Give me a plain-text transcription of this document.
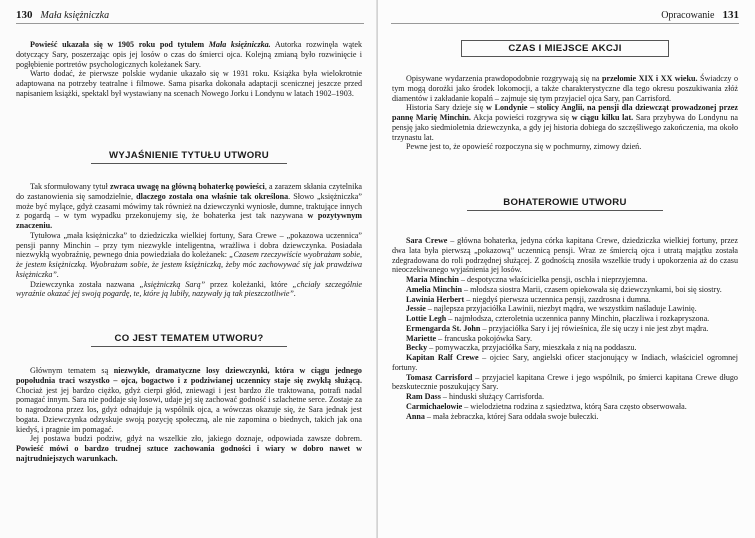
130 Mała księżniczka

Powieść ukazała się w 1905 roku pod tytułem Mała księżniczka. Autorka rozwinęła wątek dotyczący Sary, poszerzając opis jej losów o czas do śmierci ojca. Kolejną zmianą było rozwinięcie i pogłębienie portretów psychologicznych koleżanek Sary.

Warto dodać, że pierwsze polskie wydanie ukazało się w 1931 roku. Książka była wielokrotnie adaptowana na potrzeby teatralne i filmowe. Sama pisarka dokonała adaptacji scenicznej jeszcze przed napisaniem książki, spektakl był wystawiany na scenach Nowego Jorku i Londynu w latach 1902–1903.

WYJAŚNIENIE TYTUŁU UTWORU

Tak sformułowany tytuł zwraca uwagę na główną bohaterkę powieści, a zarazem skłania czytelnika do zastanowienia się samodzielnie, dlaczego została ona właśnie tak określona. Słowo „księżniczka” może być mylące, gdyż czasami mówimy tak również na dziewczynki wyniosłe, dumne, traktujące innych z pogardą – w tym wypadku przekonujemy się, że bohaterka jest tak nazywana w pozytywnym znaczeniu.

Tytułowa „mała księżniczka” to dziedziczka wielkiej fortuny, Sara Crewe – „pokazowa uczennica” pensji panny Minchin – przy tym niezwykle inteligentna, wrażliwa i dobra dziewczynka. Posiadała niezwykłą wyobraźnię, pewnego dnia powiedziała do koleżanek: „Czasem rzeczywiście wyobrażam sobie, że jestem księżniczką. Wyobrażam sobie, że jestem księżniczką, żeby móc zachowywać się jak prawdziwa księżniczka”.

Dziewczynka została nazwana „księżniczką Sarą” przez koleżanki, które „chciały szczególnie wyraźnie okazać jej swoją pogardę, te, które ją lubiły, nazywały ją tak pieszczotliwie”.

CO JEST TEMATEM UTWORU?

Głównym tematem są niezwykłe, dramatyczne losy dziewczynki, która w ciągu jednego popołudnia traci wszystko – ojca, bogactwo i z podziwianej uczennicy staje się zwykłą służącą. Chociaż jest jej bardzo ciężko, gdyż cierpi głód, zniewagi i jest bardzo źle traktowana, potrafi nadal pomagać innym. Sara nie poddaje się losowi, udaje jej się zachować godność i szlachetne serce. Zostaje za to nagrodzona przez los, gdyż odnajduje ją wspólnik ojca, a wówczas okazuje się, że Sara jednak jest bogata. Dziewczynka odzyskuje swoją pozycję społeczną, ale nie zapomina o biednych, takich jak ona kiedyś, i pragnie im pomagać.

Jej postawa budzi podziw, gdyż na wszelkie zło, jakiego doznaje, odpowiada zawsze dobrem. Powieść mówi o bardzo trudnej sztuce zachowania godności i wiary w dobro nawet w najtrudniejszych warunkach.

Opracowanie 131
CZAS I MIEJSCE AKCJI

Opisywane wydarzenia prawdopodobnie rozgrywają się na przełomie XIX i XX wieku. Świadczy o tym mogą dorożki jako środek lokomocji, a także charakterystyczne dla tego okresu poszukiwania złóż diamentów i zakładanie kopalń – zajmuje się tym przyjaciel ojca Sary, pan Carrisford.

Historia Sary dzieje się w Londynie – stolicy Anglii, na pensji dla dziewcząt prowadzonej przez pannę Marię Minchin. Akcja powieści rozgrywa się w ciągu kilku lat. Sara przybywa do Londynu na pensję jako siedmioletnia dziewczynka, a gdy jej historia dobiega do szczęśliwego zakończenia, ma około trzynastu lat.

Pewne jest to, że opowieść rozpoczyna się w pochmurny, zimowy dzień.

BOHATEROWIE UTWORU

Sara Crewe – główna bohaterka, jedyna córka kapitana Crewe, dziedziczka wielkiej fortuny, przez dwa lata była pierwszą „pokazową” uczennicą pensji. Wraz ze śmiercią ojca i utratą majątku została zdegradowana do roli podrzędnej służącej. Z godnością znosiła wszelkie trudy i upokorzenia aż do czasu nieoczekiwanego wyjaśnienia jej losów.

Maria Minchin – despotyczna właścicielka pensji, oschła i nieprzyjemna.

Amelia Minchin – młodsza siostra Marii, czasem opiekowała się dziewczynkami, boi się siostry.

Lawinia Herbert – niegdyś pierwsza uczennica pensji, zazdrosna i dumna.

Jessie – najlepsza przyjaciółka Lawinii, niezbyt mądra, we wszystkim naśladuje Lawinię.

Lottie Legh – najmłodsza, czteroletnia uczennica panny Minchin, płaczliwa i rozkapryszona.

Ermengarda St. John – przyjaciółka Sary i jej rówieśnica, źle się uczy i nie jest zbyt mądra.

Mariette – francuska pokojówka Sary.

Becky – pomywaczka, przyjaciółka Sary, mieszkała z nią na poddaszu.

Kapitan Ralf Crewe – ojciec Sary, angielski oficer stacjonujący w Indiach, właściciel ogromnej fortuny.

Tomasz Carrisford – przyjaciel kapitana Crewe i jego wspólnik, po śmierci kapitana Crewe długo bezskutecznie poszukujący Sary.

Ram Dass – hinduski służący Carrisforda.

Carmichaelowie – wielodzietna rodzina z sąsiedztwa, którą Sara często obserwowała.

Anna – mała żebraczka, której Sara oddała swoje bułeczki.
